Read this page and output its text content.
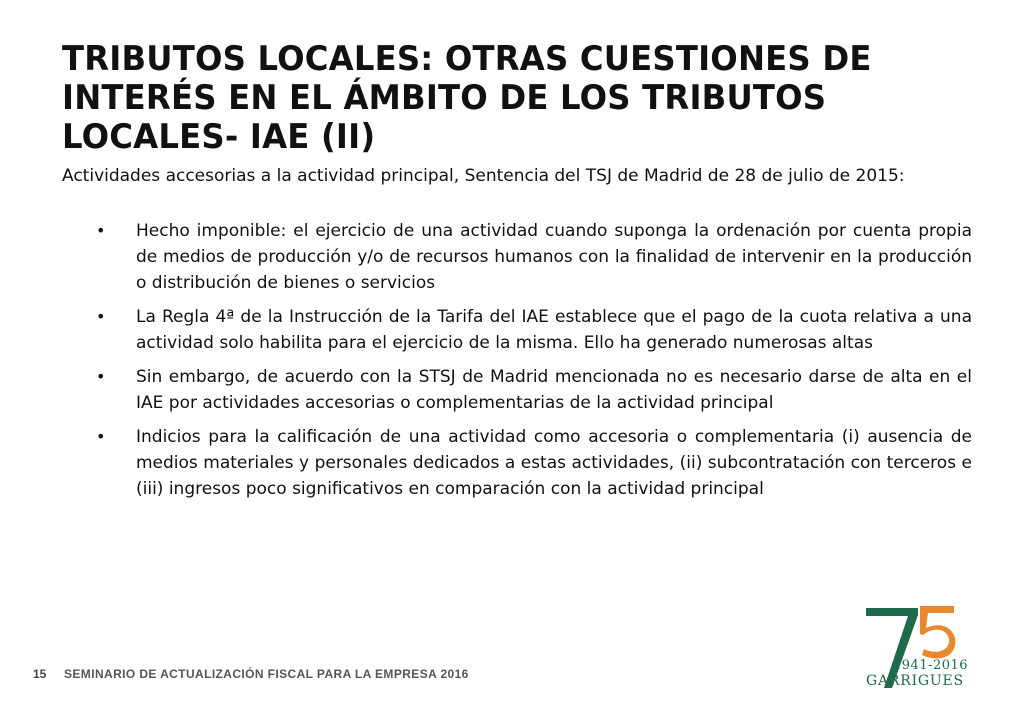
TRIBUTOS LOCALES: OTRAS CUESTIONES DE INTERÉS EN EL ÁMBITO DE LOS TRIBUTOS LOCALES- IAE (II)
Actividades accesorias a la actividad principal, Sentencia del TSJ de Madrid de 28 de julio de 2015:
• Hecho imponible: el ejercicio de una actividad cuando suponga la ordenación por cuenta propia de medios de producción y/o de recursos humanos con la finalidad de intervenir en la producción o distribución de bienes o servicios
• La Regla 4ª de la Instrucción de la Tarifa del IAE establece que el pago de la cuota relativa a una actividad solo habilita para el ejercicio de la misma. Ello ha generado numerosas altas
• Sin embargo, de acuerdo con la STSJ de Madrid mencionada no es necesario darse de alta en el IAE por actividades accesorias o complementarias de la actividad principal
• Indicios para la calificación de una actividad como accesoria o complementaria (i) ausencia de medios materiales y personales dedicados a estas actividades, (ii) subcontratación con terceros e (iii) ingresos poco significativos en comparación con la actividad principal
15 SEMINARIO DE ACTUALIZACIÓN FISCAL PARA LA EMPRESA 2016
1941-2016
GARRIGUES
